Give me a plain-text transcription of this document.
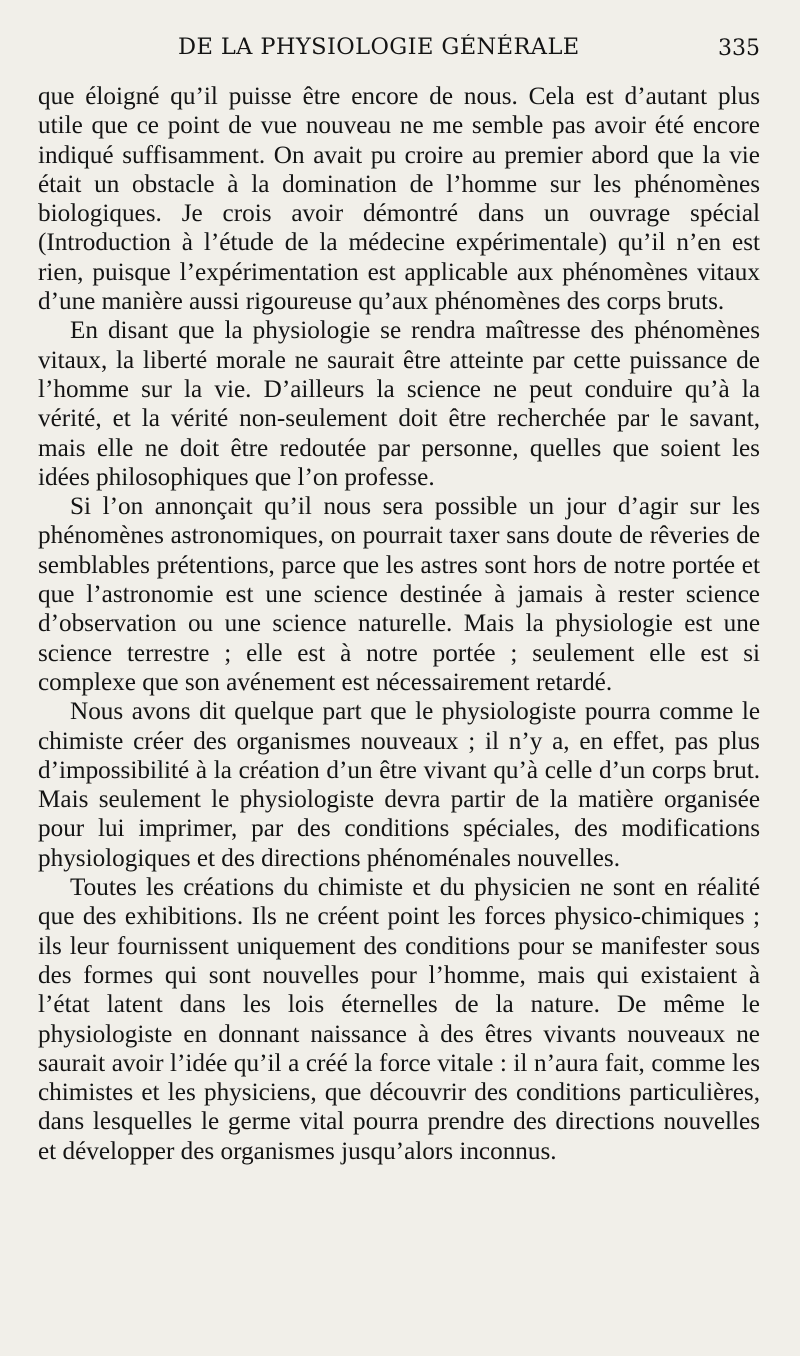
DE LA PHYSIOLOGIE GÉNÉRALE	335

que éloigné qu’il puisse être encore de nous. Cela est d’autant plus utile que ce point de vue nouveau ne me semble pas avoir été encore indiqué suffisamment. On avait pu croire au premier abord que la vie était un obstacle à la domination de l’homme sur les phénomènes biologiques. Je crois avoir démontré dans un ouvrage spécial (Introduction à l’étude de la médecine expérimentale) qu’il n’en est rien, puisque l’expérimentation est applicable aux phénomènes vitaux d’une manière aussi rigoureuse qu’aux phénomènes des corps bruts.

En disant que la physiologie se rendra maîtresse des phénomènes vitaux, la liberté morale ne saurait être atteinte par cette puissance de l’homme sur la vie. D’ailleurs la science ne peut conduire qu’à la vérité, et la vérité non-seulement doit être recherchée par le savant, mais elle ne doit être redoutée par personne, quelles que soient les idées philosophiques que l’on professe.

Si l’on annonçait qu’il nous sera possible un jour d’agir sur les phénomènes astronomiques, on pourrait taxer sans doute de rêveries de semblables prétentions, parce que les astres sont hors de notre portée et que l’astronomie est une science destinée à jamais à rester science d’observation ou une science naturelle. Mais la physiologie est une science terrestre ; elle est à notre portée ; seulement elle est si complexe que son avénement est nécessairement retardé.

Nous avons dit quelque part que le physiologiste pourra comme le chimiste créer des organismes nouveaux ; il n’y a, en effet, pas plus d’impossibilité à la création d’un être vivant qu’à celle d’un corps brut. Mais seulement le physiologiste devra partir de la matière organisée pour lui imprimer, par des conditions spéciales, des modifications physiologiques et des directions phénoménales nouvelles.

Toutes les créations du chimiste et du physicien ne sont en réalité que des exhibitions. Ils ne créent point les forces physico-chimiques ; ils leur fournissent uniquement des conditions pour se manifester sous des formes qui sont nouvelles pour l’homme, mais qui existaient à l’état latent dans les lois éternelles de la nature. De même le physiologiste en donnant naissance à des êtres vivants nouveaux ne saurait avoir l’idée qu’il a créé la force vitale : il n’aura fait, comme les chimistes et les physiciens, que découvrir des conditions particulières, dans lesquelles le germe vital pourra prendre des directions nouvelles et développer des organismes jusqu’alors inconnus.
